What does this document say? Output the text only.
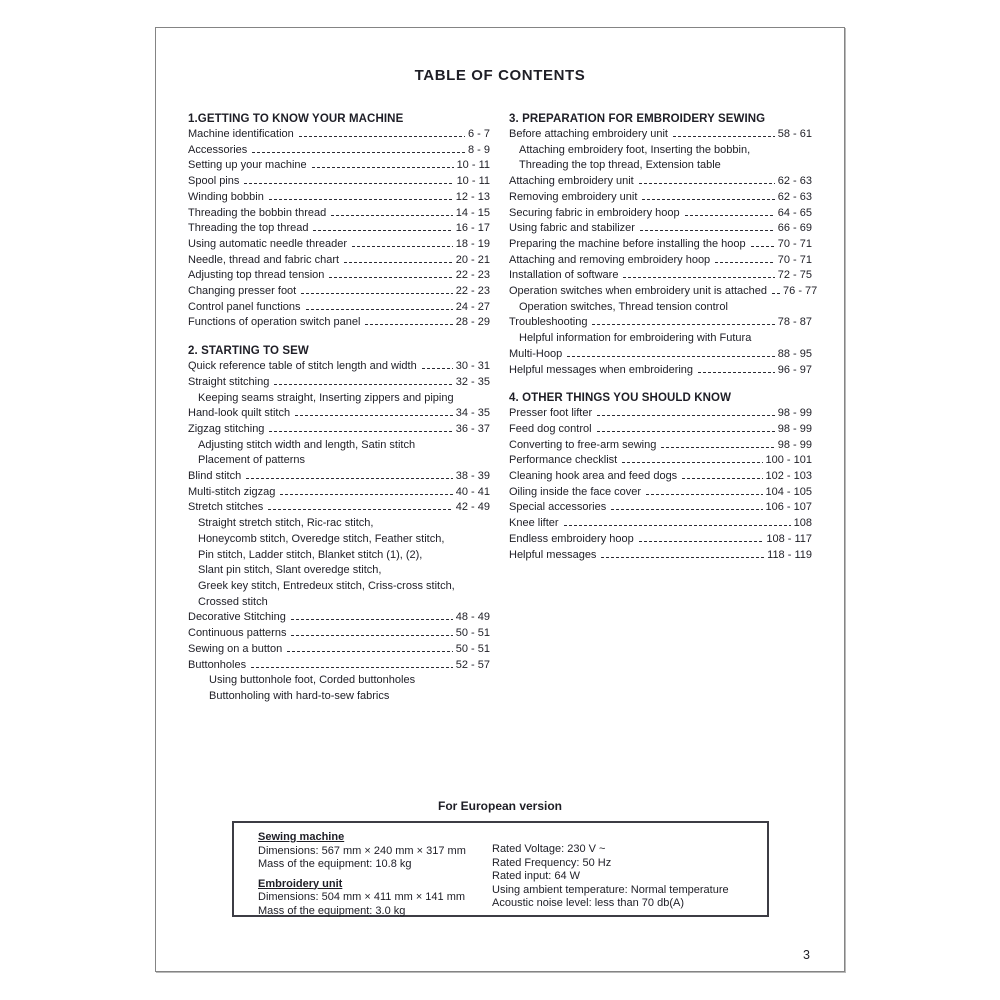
TABLE OF CONTENTS
1.GETTING TO KNOW YOUR MACHINE
Machine identification	6 - 7
Accessories	8 - 9
Setting up your machine	10 - 11
Spool pins	10 - 11
Winding bobbin	12 - 13
Threading the bobbin thread	14 - 15
Threading the top thread	16 - 17
Using automatic needle threader	18 - 19
Needle, thread and fabric chart	20 - 21
Adjusting top thread tension	22 - 23
Changing presser foot	22 - 23
Control panel functions	24 - 27
Functions of operation switch panel	28 - 29
2. STARTING TO SEW
Quick reference table of stitch length and width	30 - 31
Straight stitching	32 - 35
Keeping seams straight, Inserting zippers and piping
Hand-look quilt stitch	34 - 35
Zigzag stitching	36 - 37
Adjusting stitch width and length, Satin stitch
Placement of patterns
Blind stitch	38 - 39
Multi-stitch zigzag	40 - 41
Stretch stitches	42 - 49
Straight stretch stitch, Ric-rac stitch,
Honeycomb stitch, Overedge stitch, Feather stitch,
Pin stitch, Ladder stitch, Blanket stitch (1), (2),
Slant pin stitch, Slant overedge stitch,
Greek key stitch, Entredeux stitch, Criss-cross stitch,
Crossed stitch
Decorative Stitching	48 - 49
Continuous patterns	50 - 51
Sewing on a button	50 - 51
Buttonholes	52 - 57
Using buttonhole foot, Corded buttonholes
Buttonholing with hard-to-sew fabrics
3. PREPARATION FOR EMBROIDERY SEWING
Before attaching embroidery unit	58 - 61
Attaching embroidery foot, Inserting the bobbin,
Threading the top thread, Extension table
Attaching embroidery unit	62 - 63
Removing embroidery unit	62 - 63
Securing fabric in embroidery hoop	64 - 65
Using fabric and stabilizer	66 - 69
Preparing the machine before installing the hoop	70 - 71
Attaching and removing embroidery hoop	70 - 71
Installation of software	72 - 75
Operation switches when embroidery unit is attached 76 - 77
Operation switches, Thread tension control
Troubleshooting	78 - 87
Helpful information for embroidering with Futura
Multi-Hoop	88 - 95
Helpful messages when embroidering	96 - 97
4. OTHER THINGS YOU SHOULD KNOW
Presser foot lifter	98 - 99
Feed dog control	98 - 99
Converting to free-arm sewing	98 - 99
Performance checklist	100 - 101
Cleaning hook area and feed dogs	102 - 103
Oiling inside the face cover	104 - 105
Special accessories	106 - 107
Knee lifter	108
Endless embroidery hoop	108 - 117
Helpful messages	118 - 119
For European version
Sewing machine
Dimensions: 567 mm × 240 mm × 317 mm
Mass of the equipment: 10.8 kg
Embroidery unit
Dimensions: 504 mm × 411 mm × 141 mm
Mass of the equipment: 3.0 kg
Rated Voltage: 230 V ~
Rated Frequency: 50 Hz
Rated input: 64 W
Using ambient temperature: Normal temperature
Acoustic noise level: less than 70 db(A)
3
